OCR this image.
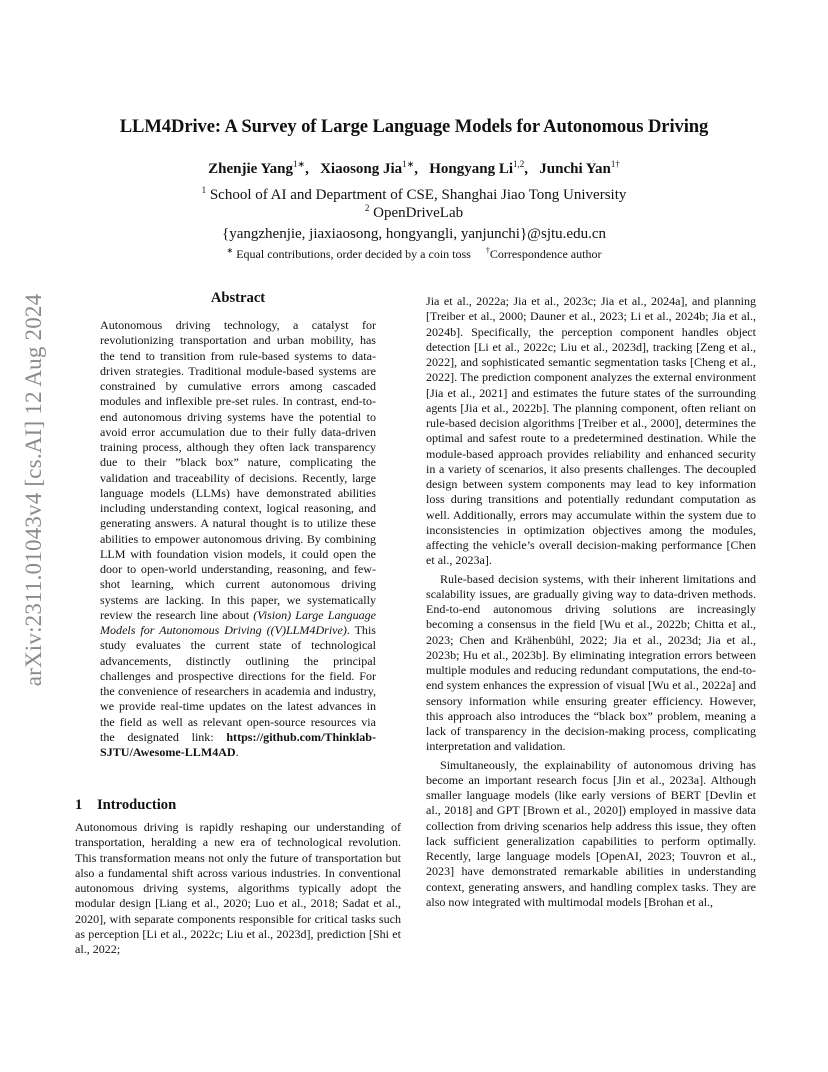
arXiv:2311.01043v4 [cs.AI] 12 Aug 2024
LLM4Drive: A Survey of Large Language Models for Autonomous Driving
Zhenjie Yang$^{1∗}$,   Xiaosong Jia$^{1∗}$,   Hongyang Li$^{1,2}$,   Junchi Yan$^{1\dagger}$
$^1$ School of AI and Department of CSE, Shanghai Jiao Tong University
$^2$ OpenDriveLab
{yangzhenjie, jiaxiaosong, hongyangli, yanjunchi}@sjtu.edu.cn
∗ Equal contributions, order decided by a coin toss †Correspondence author
Abstract
Autonomous driving technology, a catalyst for revolutionizing transportation and urban mobility, has the tend to transition from rule-based systems to data-driven strategies. Traditional module-based systems are constrained by cumulative errors among cascaded modules and inflexible pre-set rules. In contrast, end-to-end autonomous driving systems have the potential to avoid error accumulation due to their fully data-driven training process, although they often lack transparency due to their ”black box” nature, complicating the validation and traceability of decisions. Recently, large language models (LLMs) have demonstrated abilities including understanding context, logical reasoning, and generating answers. A natural thought is to utilize these abilities to empower autonomous driving. By combining LLM with foundation vision models, it could open the door to open-world understanding, reasoning, and few-shot learning, which current autonomous driving systems are lacking. In this paper, we systematically review the research line about (Vision) Large Language Models for Autonomous Driving ((V)LLM4Drive). This study evaluates the current state of technological advancements, distinctly outlining the principal challenges and prospective directions for the field. For the convenience of researchers in academia and industry, we provide real-time updates on the latest advances in the field as well as relevant open-source resources via the designated link: https://github.com/Thinklab-SJTU/Awesome-LLM4AD.
1 Introduction
Autonomous driving is rapidly reshaping our understanding of transportation, heralding a new era of technological revolution. This transformation means not only the future of transportation but also a fundamental shift across various industries. In conventional autonomous driving systems, algorithms typically adopt the modular design [Liang et al., 2020; Luo et al., 2018; Sadat et al., 2020], with separate components responsible for critical tasks such as perception [Li et al., 2022c; Liu et al., 2023d], prediction [Shi et al., 2022;

Jia et al., 2022a; Jia et al., 2023c; Jia et al., 2024a], and planning [Treiber et al., 2000; Dauner et al., 2023; Li et al., 2024b; Jia et al., 2024b]. Specifically, the perception component handles object detection [Li et al., 2022c; Liu et al., 2023d], tracking [Zeng et al., 2022], and sophisticated semantic segmentation tasks [Cheng et al., 2022]. The prediction component analyzes the external environment [Jia et al., 2021] and estimates the future states of the surrounding agents [Jia et al., 2022b]. The planning component, often reliant on rule-based decision algorithms [Treiber et al., 2000], determines the optimal and safest route to a predetermined destination. While the module-based approach provides reliability and enhanced security in a variety of scenarios, it also presents challenges. The decoupled design between system components may lead to key information loss during transitions and potentially redundant computation as well. Additionally, errors may accumulate within the system due to inconsistencies in optimization objectives among the modules, affecting the vehicle’s overall decision-making performance [Chen et al., 2023a].

Rule-based decision systems, with their inherent limitations and scalability issues, are gradually giving way to data-driven methods. End-to-end autonomous driving solutions are increasingly becoming a consensus in the field [Wu et al., 2022b; Chitta et al., 2023; Chen and Krähenbühl, 2022; Jia et al., 2023d; Jia et al., 2023b; Hu et al., 2023b]. By eliminating integration errors between multiple modules and reducing redundant computations, the end-to-end system enhances the expression of visual [Wu et al., 2022a] and sensory information while ensuring greater efficiency. However, this approach also introduces the “black box” problem, meaning a lack of transparency in the decision-making process, complicating interpretation and validation.

Simultaneously, the explainability of autonomous driving has become an important research focus [Jin et al., 2023a]. Although smaller language models (like early versions of BERT [Devlin et al., 2018] and GPT [Brown et al., 2020]) employed in massive data collection from driving scenarios help address this issue, they often lack sufficient generalization capabilities to perform optimally. Recently, large language models [OpenAI, 2023; Touvron et al., 2023] have demonstrated remarkable abilities in understanding context, generating answers, and handling complex tasks. They are also now integrated with multimodal models [Brohan et al.,
